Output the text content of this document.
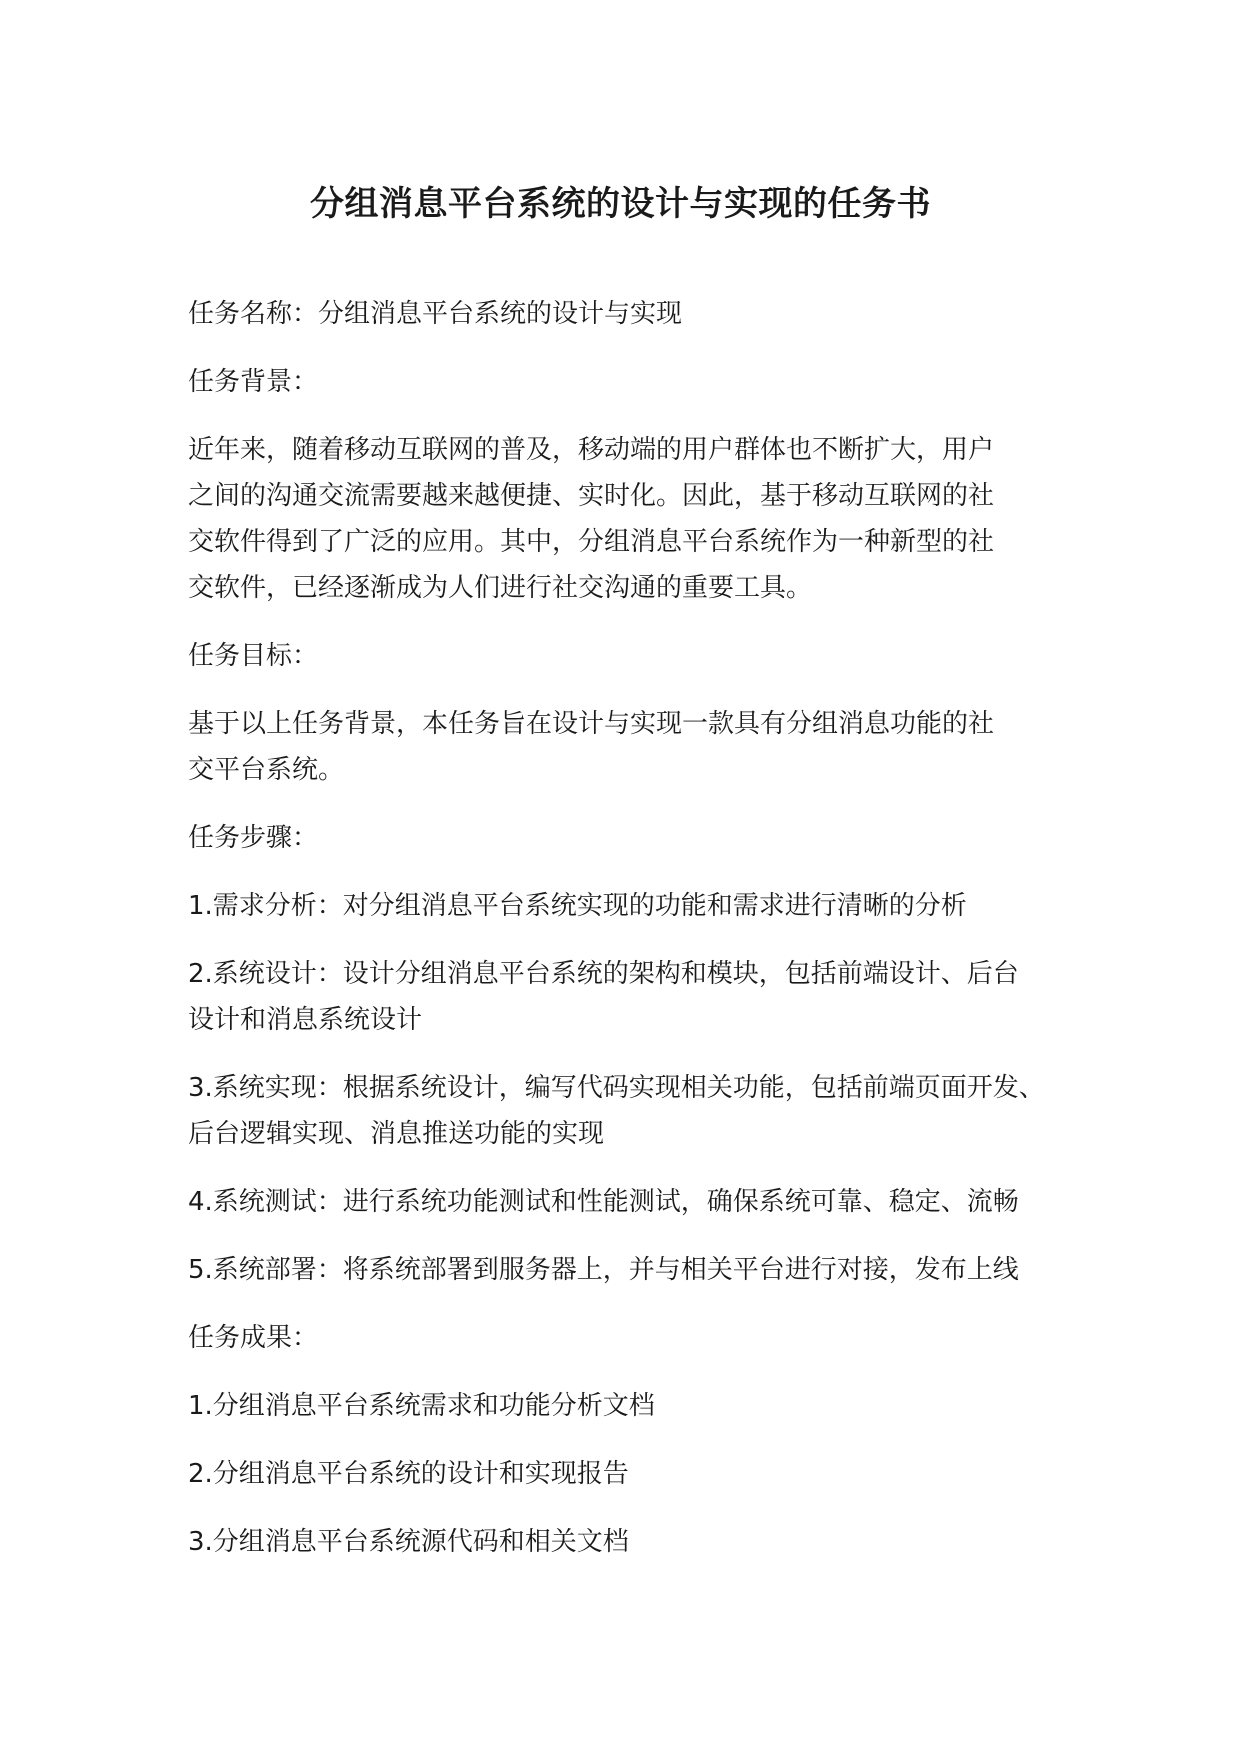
分组消息平台系统的设计与实现的任务书

任务名称：分组消息平台系统的设计与实现

任务背景：

近年来，随着移动互联网的普及，移动端的用户群体也不断扩大，用户
之间的沟通交流需要越来越便捷、实时化。因此，基于移动互联网的社
交软件得到了广泛的应用。其中，分组消息平台系统作为一种新型的社
交软件，已经逐渐成为人们进行社交沟通的重要工具。

任务目标：

基于以上任务背景，本任务旨在设计与实现一款具有分组消息功能的社
交平台系统。

任务步骤：

1.需求分析：对分组消息平台系统实现的功能和需求进行清晰的分析

2.系统设计：设计分组消息平台系统的架构和模块，包括前端设计、后台
设计和消息系统设计

3.系统实现：根据系统设计，编写代码实现相关功能，包括前端页面开发、
后台逻辑实现、消息推送功能的实现

4.系统测试：进行系统功能测试和性能测试，确保系统可靠、稳定、流畅

5.系统部署：将系统部署到服务器上，并与相关平台进行对接，发布上线

任务成果：

1.分组消息平台系统需求和功能分析文档

2.分组消息平台系统的设计和实现报告

3.分组消息平台系统源代码和相关文档
